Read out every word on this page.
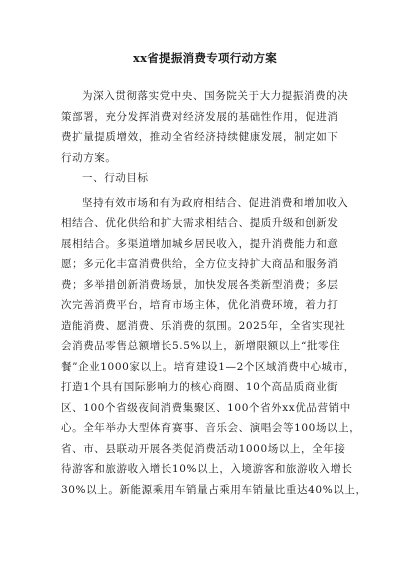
xx省提振消费专项行动方案
为深入贯彻落实党中央、国务院关于大力提振消费的决
策部署，充分发挥消费对经济发展的基础性作用，促进消
费扩量提质增效，推动全省经济持续健康发展，制定如下
行动方案。
一、行动目标
坚持有效市场和有为政府相结合、促进消费和增加收入
相结合、优化供给和扩大需求相结合、提质升级和创新发
展相结合。多渠道增加城乡居民收入，提升消费能力和意
愿；多元化丰富消费供给，全方位支持扩大商品和服务消
费；多举措创新消费场景，加快发展各类新型消费；多层
次完善消费平台，培育市场主体，优化消费环境，着力打
造能消费、愿消费、乐消费的氛围。2025年，全省实现社
会消费品零售总额增长5.5%以上，新增限额以上“批零住
餐”企业1000家以上。培育建设1—2个区域消费中心城市，
打造1个具有国际影响力的核心商圈、10个高品质商业街
区、100个省级夜间消费集聚区、100个省外xx优品营销中
心。全年举办大型体育赛事、音乐会、演唱会等100场以上，
省、市、县联动开展各类促消费活动1000场以上，全年接
待游客和旅游收入增长10%以上，入境游客和旅游收入增长
30%以上。新能源乘用车销量占乘用车销量比重达40%以上，
